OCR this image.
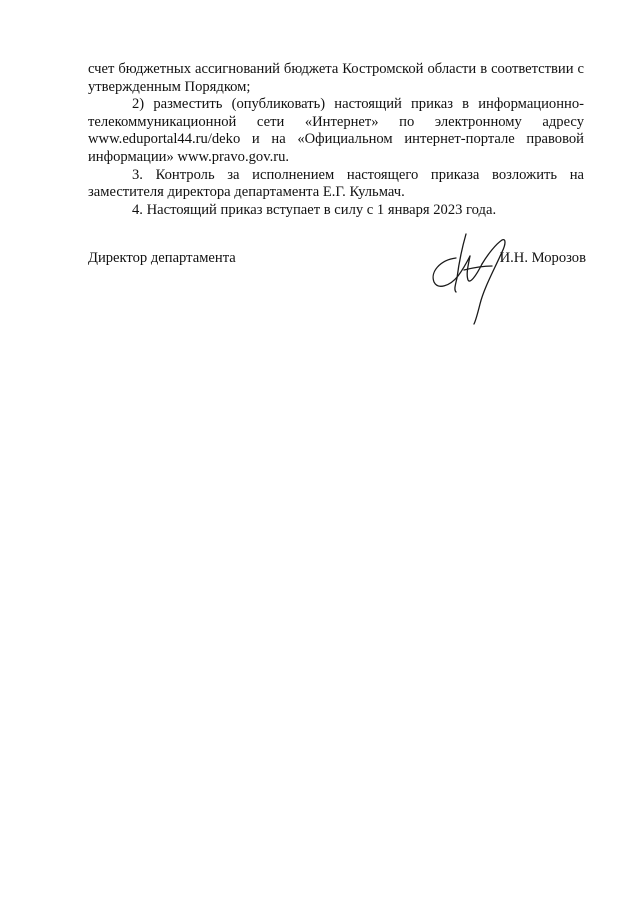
счет бюджетных ассигнований бюджета Костромской области в соответствии с утвержденным Порядком;

2) разместить (опубликовать) настоящий приказ в информационно-
телекоммуникационной сети «Интернет» по электронному адресу
www.eduportal44.ru/deko и на «Официальном интернет-портале правовой
информации» www.pravo.gov.ru.

3. Контроль за исполнением настоящего приказа возложить на заместителя директора департамента Е.Г. Кульмач.

4. Настоящий приказ вступает в силу с 1 января 2023 года.

Директор департамента	И.Н. Морозов
